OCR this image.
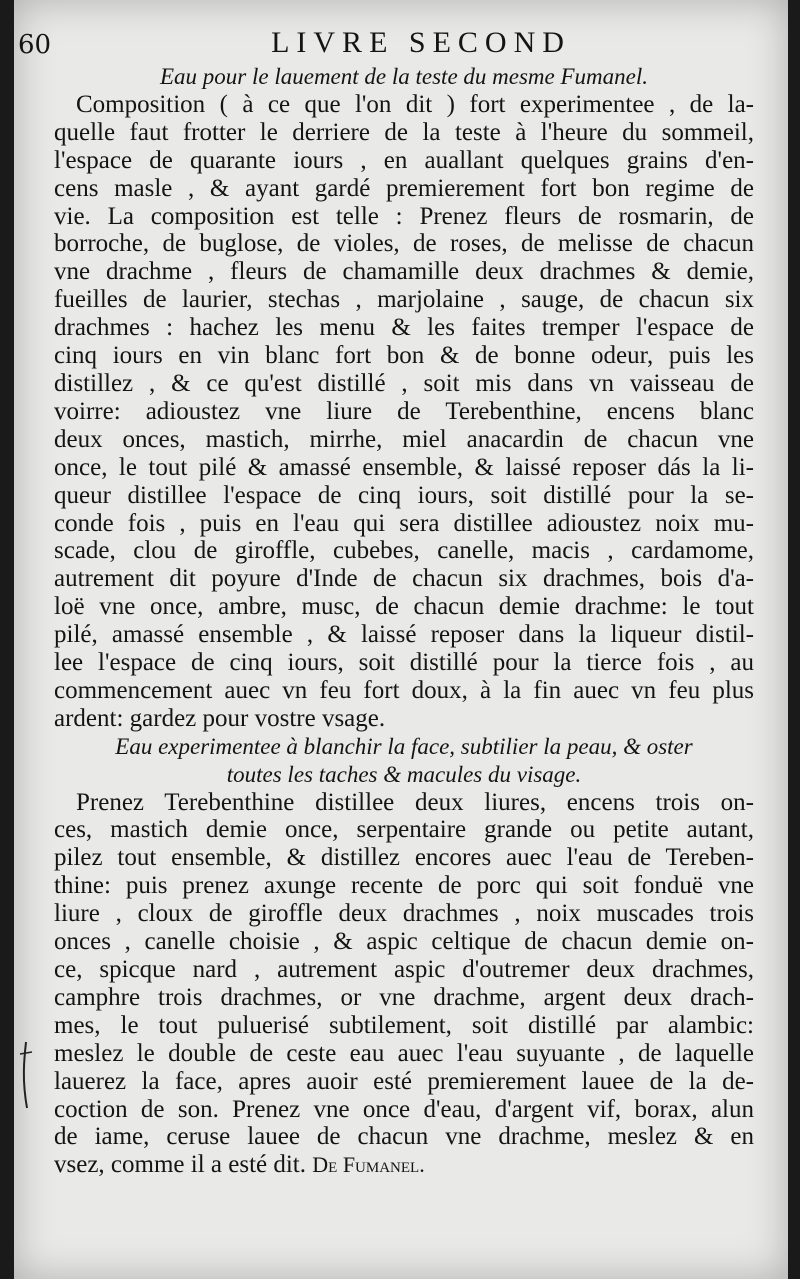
60	LIVRE SECOND
Eau pour le lauement de la teste du mesme Fumanel.
Composition ( à ce que l'on dit ) fort experimentee , de la-
quelle faut frotter le derriere de la teste à l'heure du sommeil,
l'espace de quarante iours , en auallant quelques grains d'en-
cens masle , & ayant gardé premierement fort bon regime de
vie. La composition est telle : Prenez fleurs de rosmarin, de
borroche, de buglose, de violes, de roses, de melisse de chacun
vne drachme , fleurs de chamamille deux drachmes & demie,
fueilles de laurier, stechas , marjolaine , sauge, de chacun six
drachmes : hachez les menu & les faites tremper l'espace de
cinq iours en vin blanc fort bon & de bonne odeur, puis les
distillez , & ce qu'est distillé , soit mis dans vn vaisseau de
voirre: adioustez vne liure de Terebenthine, encens blanc
deux onces, mastich, mirrhe, miel anacardin de chacun vne
once, le tout pilé & amassé ensemble, & laissé reposer dás la li-
queur distillee l'espace de cinq iours, soit distillé pour la se-
conde fois , puis en l'eau qui sera distillee adioustez noix mu-
scade, clou de giroffle, cubebes, canelle, macis , cardamome,
autrement dit poyure d'Inde de chacun six drachmes, bois d'a-
loë vne once, ambre, musc, de chacun demie drachme: le tout
pilé, amassé ensemble , & laissé reposer dans la liqueur distil-
lee l'espace de cinq iours, soit distillé pour la tierce fois , au
commencement auec vn feu fort doux, à la fin auec vn feu plus
ardent: gardez pour vostre vsage.
Eau experimentee à blanchir la face, subtilier la peau, & oster
toutes les taches & macules du visage.
Prenez Terebenthine distillee deux liures, encens trois on-
ces, mastich demie once, serpentaire grande ou petite autant,
pilez tout ensemble, & distillez encores auec l'eau de Tereben-
thine: puis prenez axunge recente de porc qui soit fonduë vne
liure , cloux de giroffle deux drachmes , noix muscades trois
onces , canelle choisie , & aspic celtique de chacun demie on-
ce, spicque nard , autrement aspic d'outremer deux drachmes,
camphre trois drachmes, or vne drachme, argent deux drach-
mes, le tout puluerisé subtilement, soit distillé par alambic:
meslez le double de ceste eau auec l'eau suyuante , de laquelle
lauerez la face, apres auoir esté premierement lauee de la de-
coction de son. Prenez vne once d'eau, d'argent vif, borax, alun
de iame, ceruse lauee de chacun vne drachme, meslez & en
vsez, comme il a esté dit. De Fumanel.
